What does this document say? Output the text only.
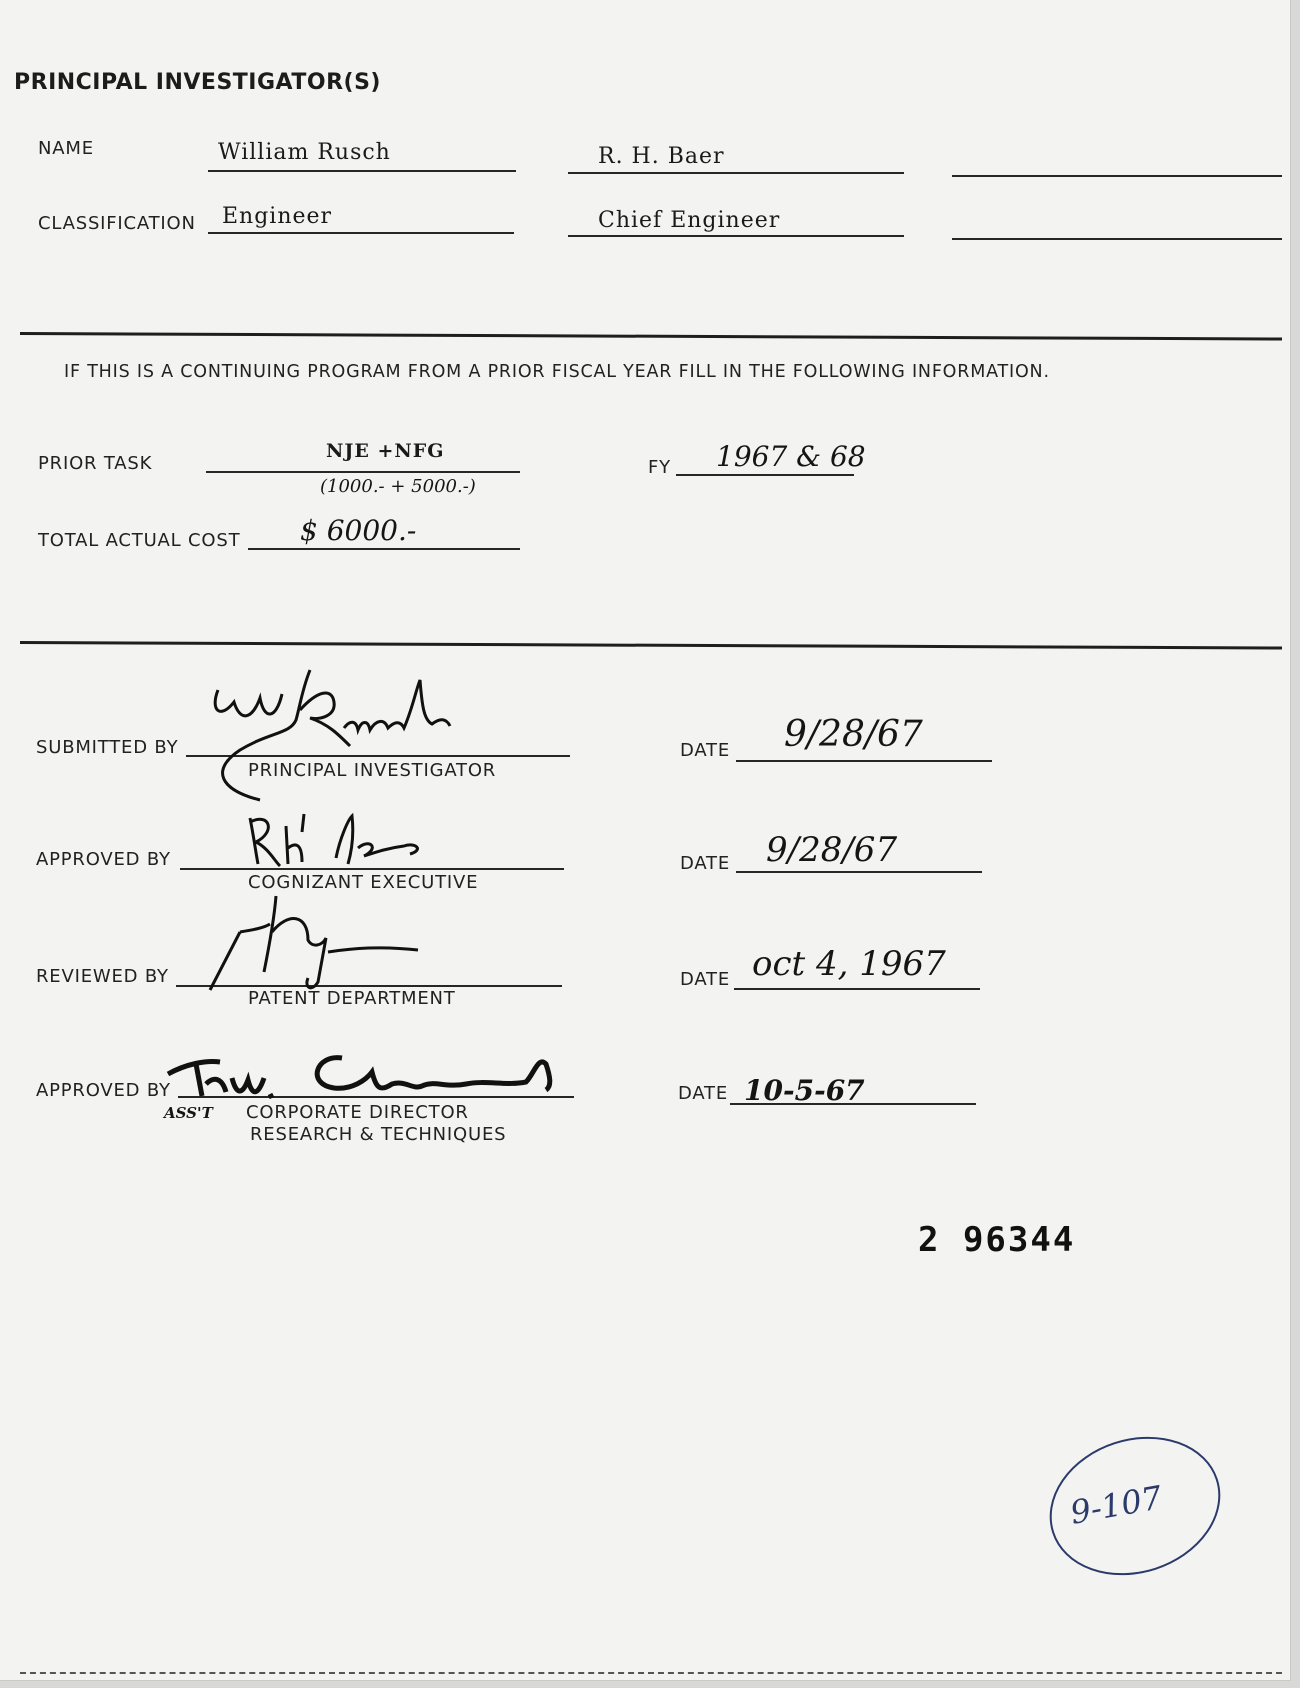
PRINCIPAL INVESTIGATOR(S)
NAME	William Rusch	R. H. Baer
CLASSIFICATION Engineer	Chief Engineer
IF THIS IS A CONTINUING PROGRAM FROM A PRIOR FISCAL YEAR FILL IN THE FOLLOWING INFORMATION.
PRIOR TASK
NJE +NFG
(1000.- + 5000.-)
FY 1967 & 68
TOTAL ACTUAL COST $ 6000.-
SUBMITTED BY
PRINCIPAL INVESTIGATOR
DATE 9/28/67
APPROVED BY
COGNIZANT EXECUTIVE
DATE 9/28/67
REVIEWED BY
PATENT DEPARTMENT
DATE oct 4, 1967
APPROVED BY
CORPORATE DIRECTOR
RESEARCH & TECHNIQUES
ASS'T
DATE 10-5-67
2 96344
9-107
